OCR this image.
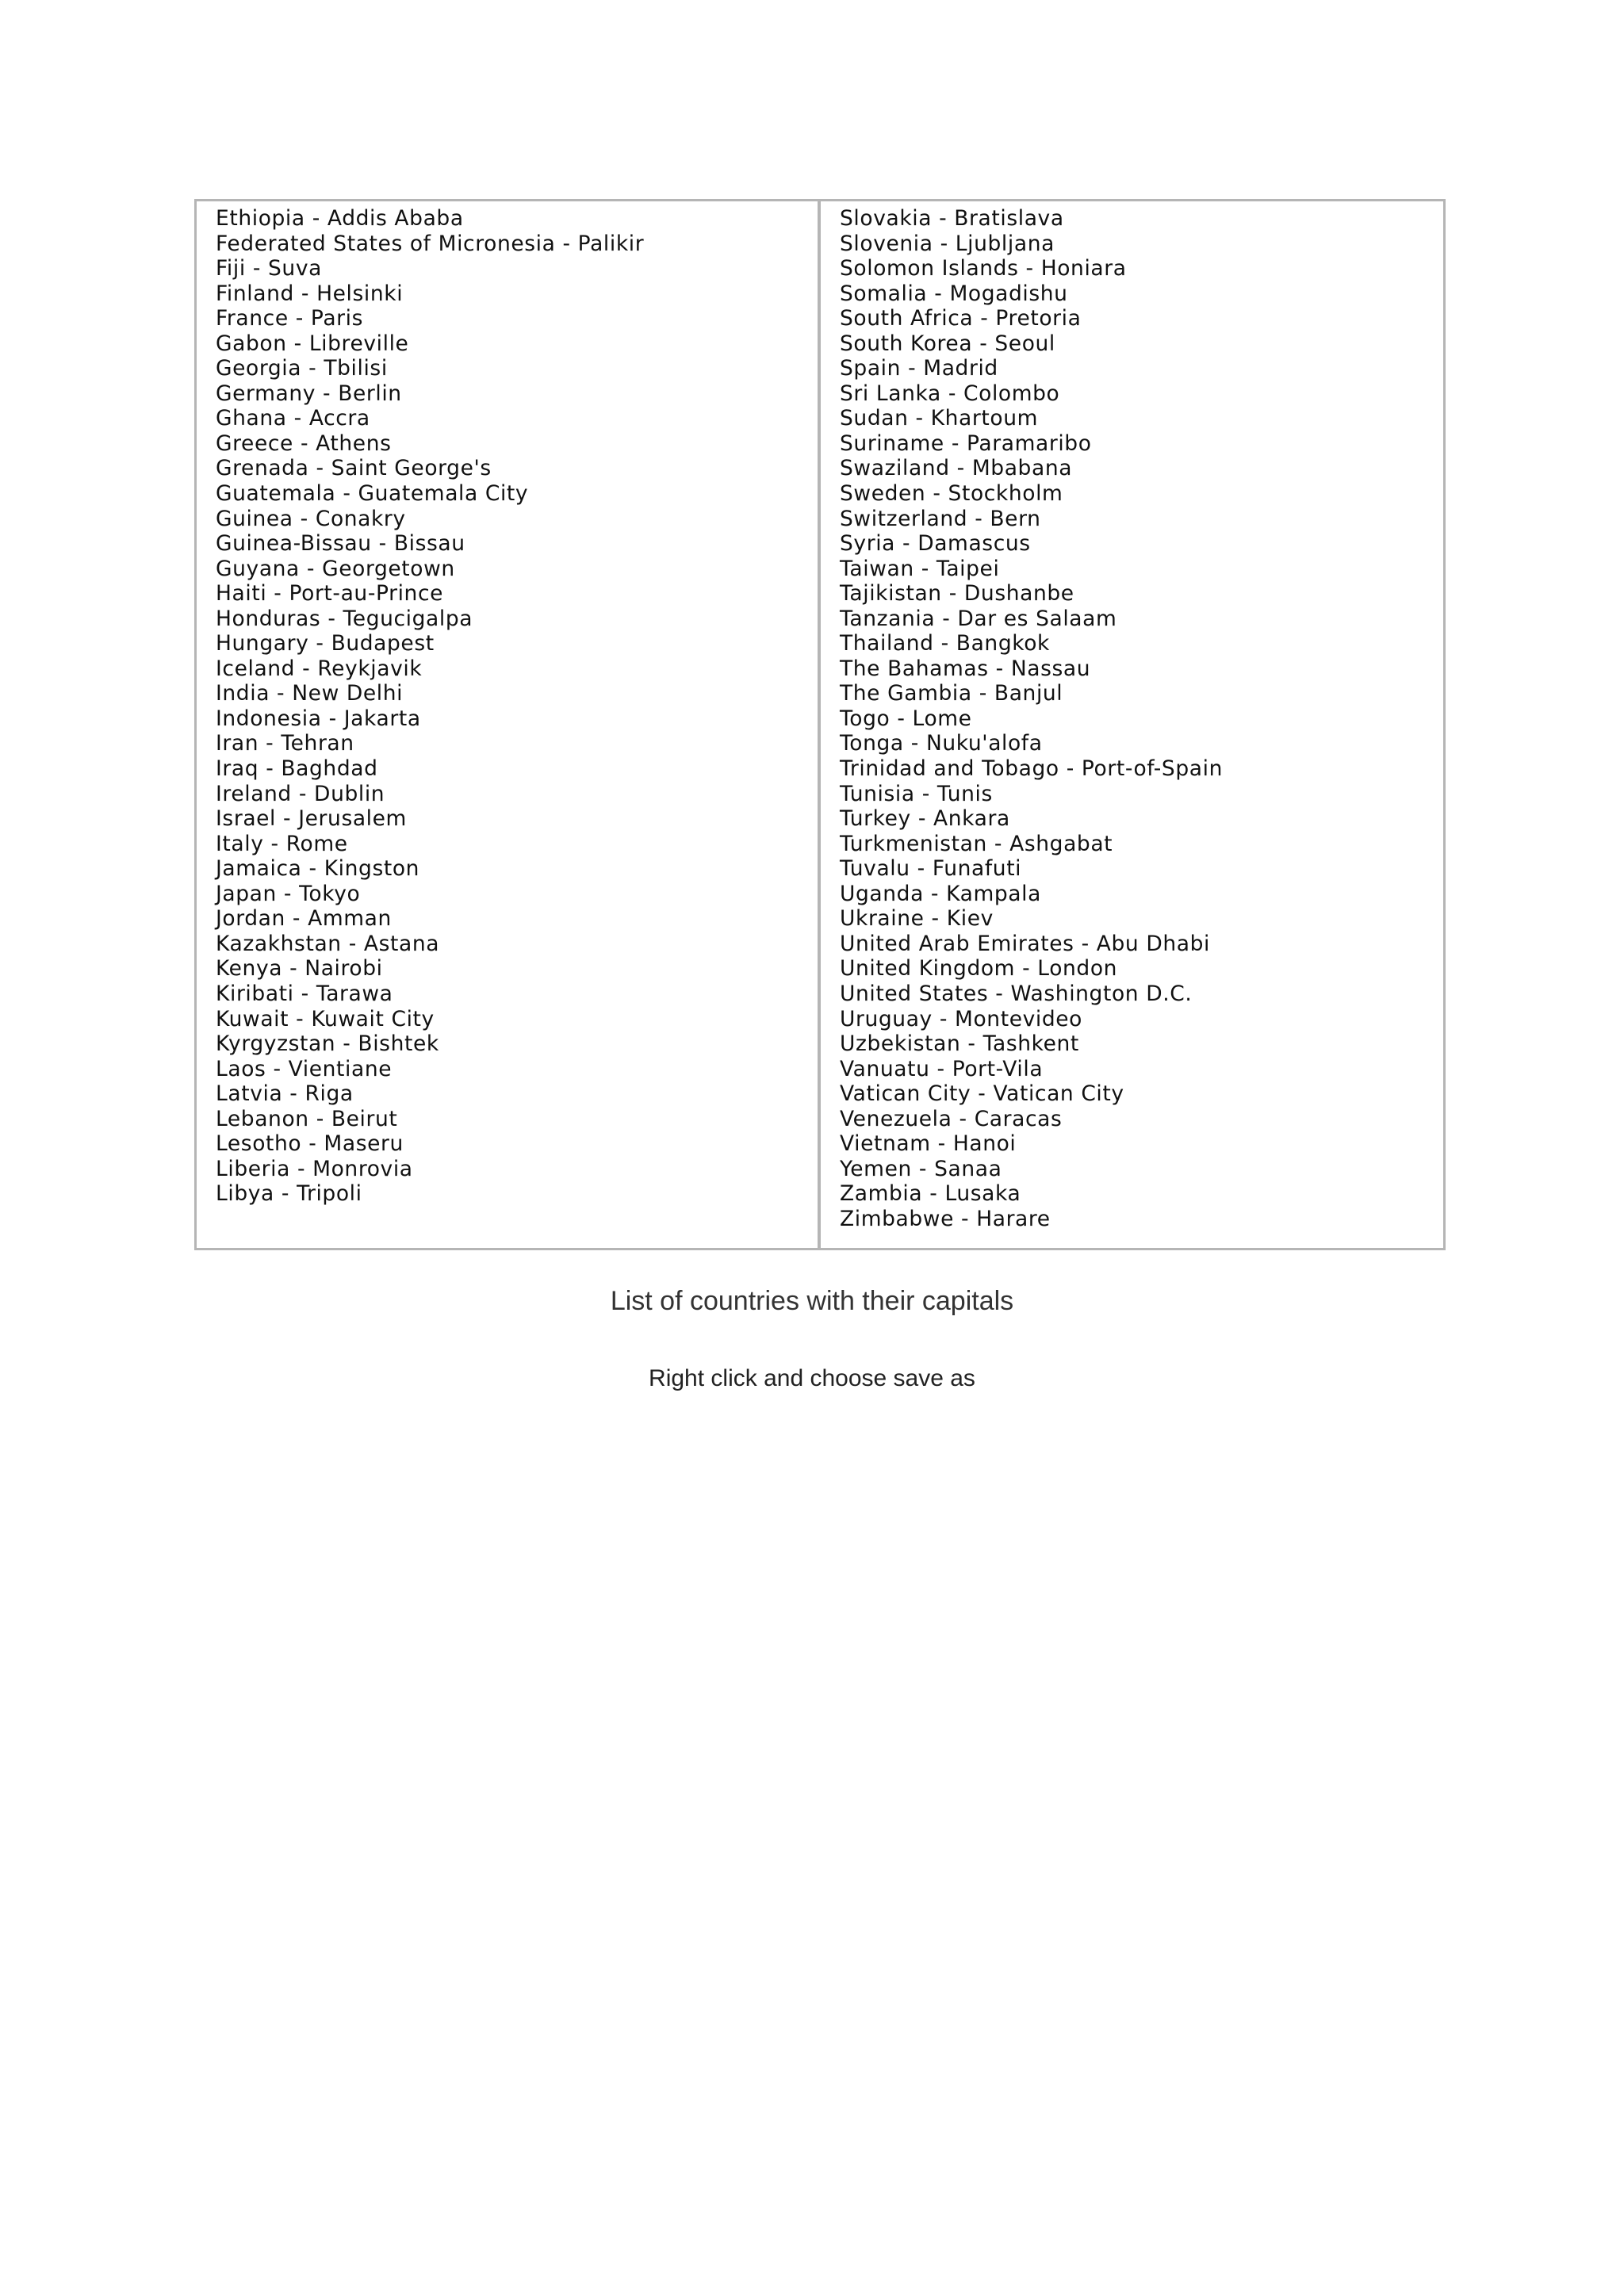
Ethiopia - Addis Ababa
Federated States of Micronesia - Palikir
Fiji - Suva
Finland - Helsinki
France - Paris
Gabon - Libreville
Georgia - Tbilisi
Germany - Berlin
Ghana - Accra
Greece - Athens
Grenada - Saint George's
Guatemala - Guatemala City
Guinea - Conakry
Guinea-Bissau - Bissau
Guyana - Georgetown
Haiti - Port-au-Prince
Honduras - Tegucigalpa
Hungary - Budapest
Iceland - Reykjavik
India - New Delhi
Indonesia - Jakarta
Iran - Tehran
Iraq - Baghdad
Ireland - Dublin
Israel - Jerusalem
Italy - Rome
Jamaica - Kingston
Japan - Tokyo
Jordan - Amman
Kazakhstan - Astana
Kenya - Nairobi
Kiribati - Tarawa
Kuwait - Kuwait City
Kyrgyzstan - Bishtek
Laos - Vientiane
Latvia - Riga
Lebanon - Beirut
Lesotho - Maseru
Liberia - Monrovia
Libya - Tripoli
Slovakia - Bratislava
Slovenia - Ljubljana
Solomon Islands - Honiara
Somalia - Mogadishu
South Africa - Pretoria
South Korea - Seoul
Spain - Madrid
Sri Lanka - Colombo
Sudan - Khartoum
Suriname - Paramaribo
Swaziland - Mbabana
Sweden - Stockholm
Switzerland - Bern
Syria - Damascus
Taiwan - Taipei
Tajikistan - Dushanbe
Tanzania - Dar es Salaam
Thailand - Bangkok
The Bahamas - Nassau
The Gambia - Banjul
Togo - Lome
Tonga - Nuku'alofa
Trinidad and Tobago - Port-of-Spain
Tunisia - Tunis
Turkey - Ankara
Turkmenistan - Ashgabat
Tuvalu - Funafuti
Uganda - Kampala
Ukraine - Kiev
United Arab Emirates - Abu Dhabi
United Kingdom - London
United States - Washington D.C.
Uruguay - Montevideo
Uzbekistan - Tashkent
Vanuatu - Port-Vila
Vatican City - Vatican City
Venezuela - Caracas
Vietnam - Hanoi
Yemen - Sanaa
Zambia - Lusaka
Zimbabwe - Harare
List of countries with their capitals
Right click and choose save as
